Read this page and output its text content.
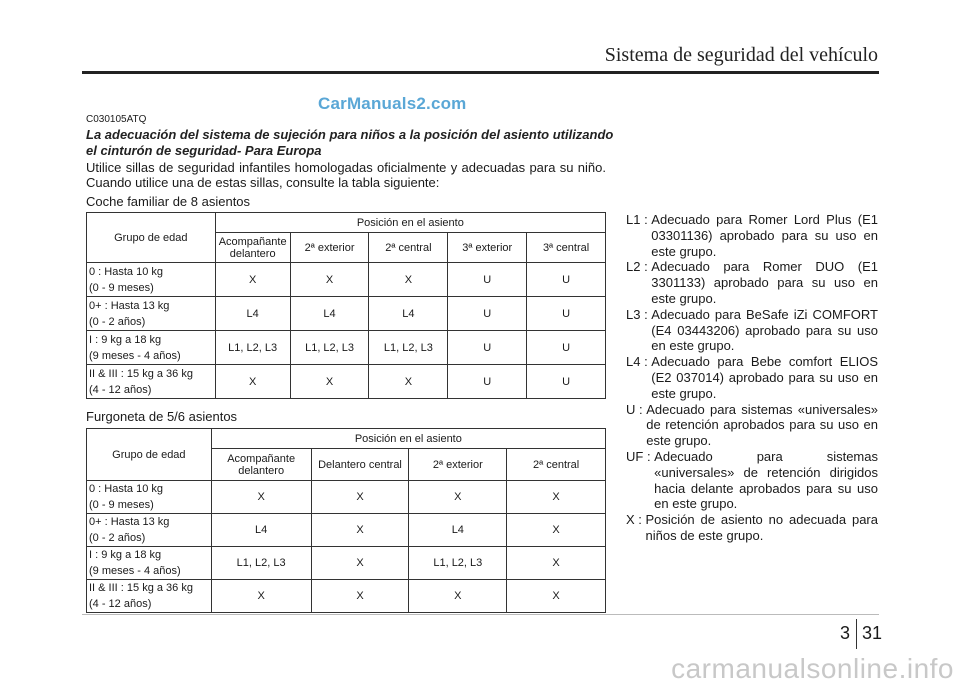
Sistema de seguridad del vehículo
CarManuals2.com
C030105ATQ
La adecuación del sistema de sujeción para niños a la posición del asiento utilizando el cinturón de seguridad- Para Europa
Utilice sillas de seguridad infantiles homologadas oficialmente y adecuadas para su niño. Cuando utilice una de estas sillas, consulte la tabla siguiente:
Coche familiar de 8 asientos
Grupo de edad	Posición en el asiento				
	Acompañante delantero	2ª exterior	2ª central	3ª exterior	3ª central

0 : Hasta 10 kg
(0 - 9 meses)	X	X	X	U	U

0+ : Hasta 13 kg
(0 - 2 años)	L4	L4	L4	U	U

I : 9 kg a 18 kg
(9 meses - 4 años)	L1, L2, L3	L1, L2, L3	L1, L2, L3	U	U

II & III : 15 kg a 36 kg
(4 - 12 años)	X	X	X	U	U
Furgoneta de 5/6 asientos
Grupo de edad	Posición en el asiento			
	Acompañante delantero	Delantero central	2ª exterior	2ª central

0 : Hasta 10 kg
(0 - 9 meses)	X	X	X	X

0+ : Hasta 13 kg
(0 - 2 años)	L4	X	L4	X

I : 9 kg a 18 kg
(9 meses - 4 años)	L1, L2, L3	X	L1, L2, L3	X

II & III : 15 kg a 36 kg
(4 - 12 años)	X	X	X	X
L1 : Adecuado para Romer Lord Plus (E1 03301136) aprobado para su uso en este grupo.
L2 : Adecuado para Romer DUO (E1 3301133) aprobado para su uso en este grupo.
L3 : Adecuado para BeSafe iZi COMFORT (E4 03443206) aprobado para su uso en este grupo.
L4 : Adecuado para Bebe comfort ELIOS (E2 037014) aprobado para su uso en este grupo.
U : Adecuado para sistemas «universales» de retención aprobados para su uso en este grupo.
UF : Adecuado para sistemas «universales» de retención dirigidos hacia delante aprobados para su uso en este grupo.
X : Posición de asiento no adecuada para niños de este grupo.
3 31
carmanualsonline.info
